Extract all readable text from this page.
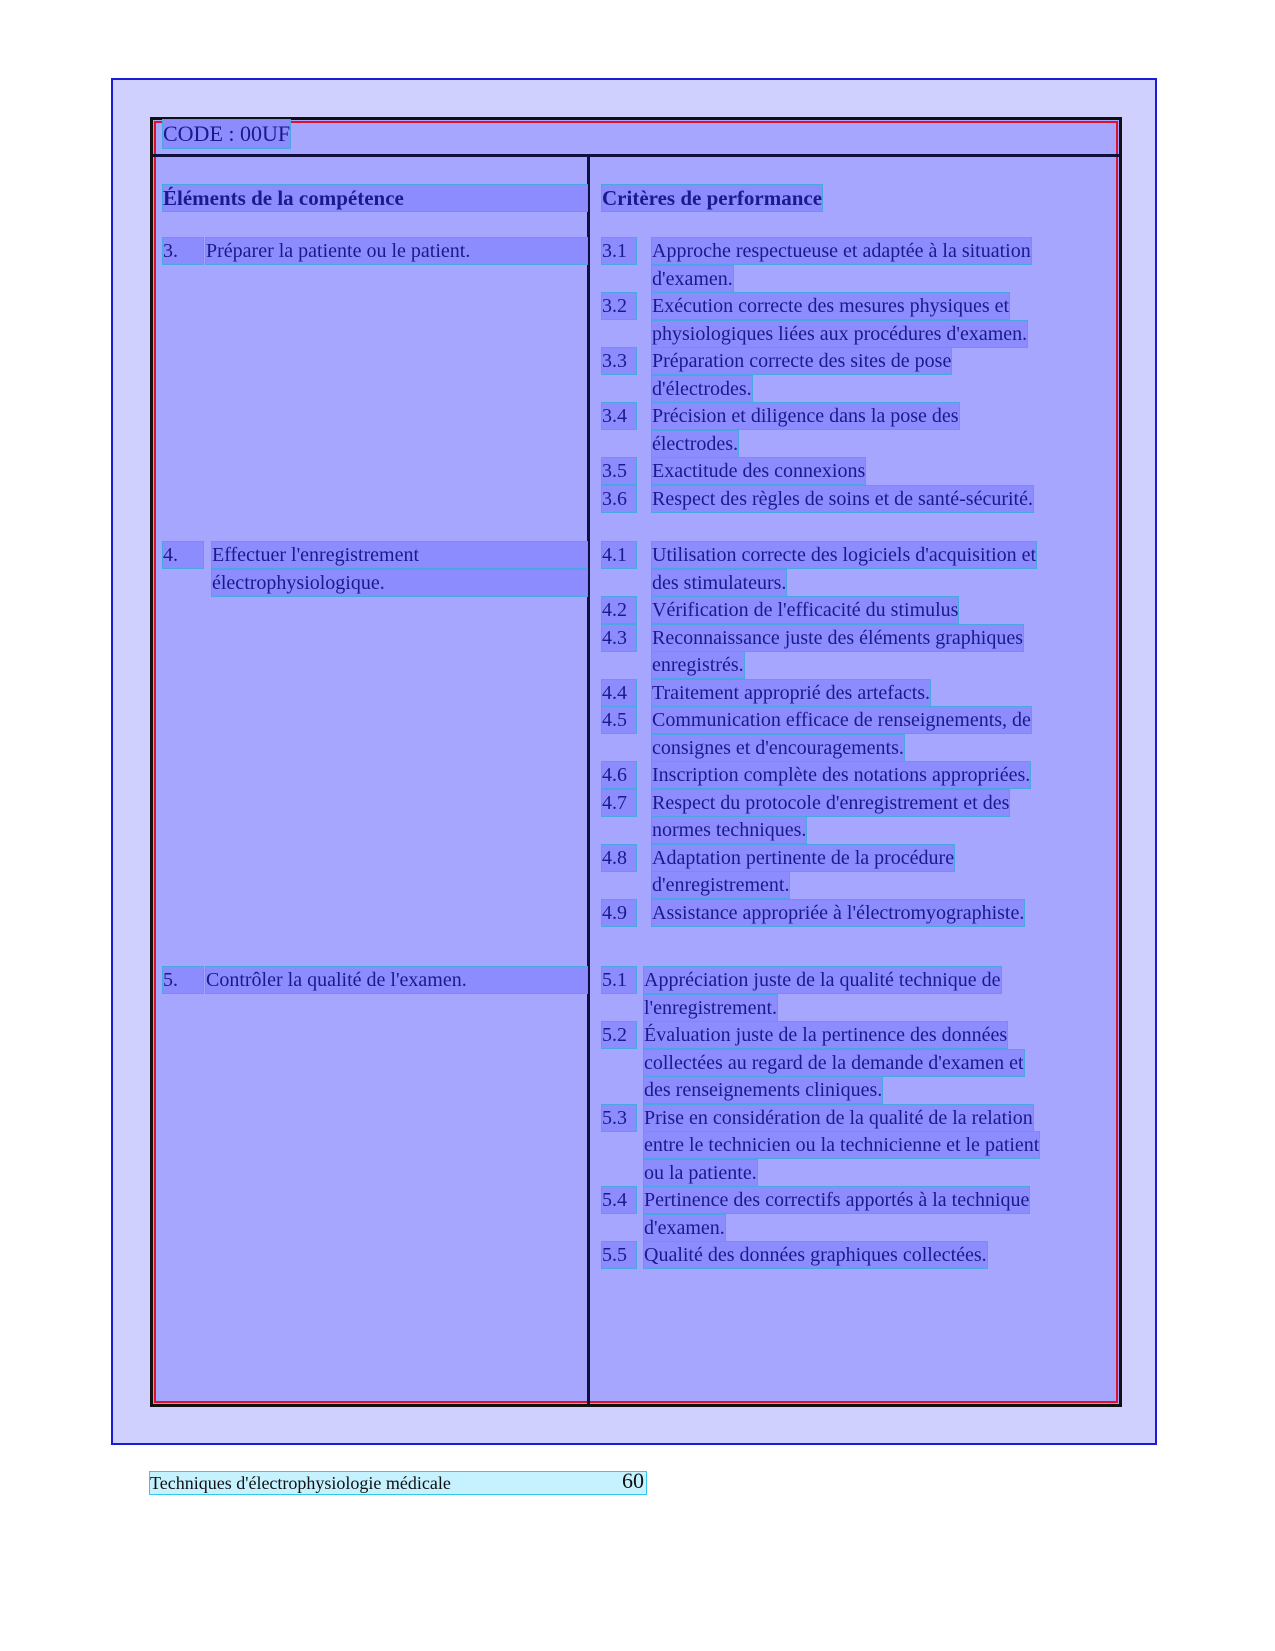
CODE : 00UF
Éléments de la compétence	Critères de performance
3.	Préparer la patiente ou le patient.	3.1	Approche respectueuse et adaptée à la situation
d'examen.
3.2	Exécution correcte des mesures physiques et
physiologiques liées aux procédures d'examen.
3.3	Préparation correcte des sites de pose
d'électrodes.
3.4	Précision et diligence dans la pose des
électrodes.
3.5	Exactitude des connexions
3.6	Respect des règles de soins et de santé-sécurité.
4.	Effectuer l'enregistrement
électrophysiologique.
4.1	Utilisation correcte des logiciels d'acquisition et
des stimulateurs.
4.2	Vérification de l'efficacité du stimulus
4.3	Reconnaissance juste des éléments graphiques
enregistrés.
4.4	Traitement approprié des artefacts.
4.5	Communication efficace de renseignements, de
consignes et d'encouragements.
4.6	Inscription complète des notations appropriées.
4.7	Respect du protocole d'enregistrement et des
normes techniques.
4.8	Adaptation pertinente de la procédure
d'enregistrement.
4.9	Assistance appropriée à l'électromyographiste.
5.	Contrôler la qualité de l'examen.	5.1 Appréciation juste de la qualité technique de
l'enregistrement.
5.2 Évaluation juste de la pertinence des données
collectées au regard de la demande d'examen et
des renseignements cliniques.
5.3 Prise en considération de la qualité de la relation
entre le technicien ou la technicienne et le patient
ou la patiente.
5.4 Pertinence des correctifs apportés à la technique
d'examen.
5.5 Qualité des données graphiques collectées.
Techniques d'électrophysiologie médicale	60
